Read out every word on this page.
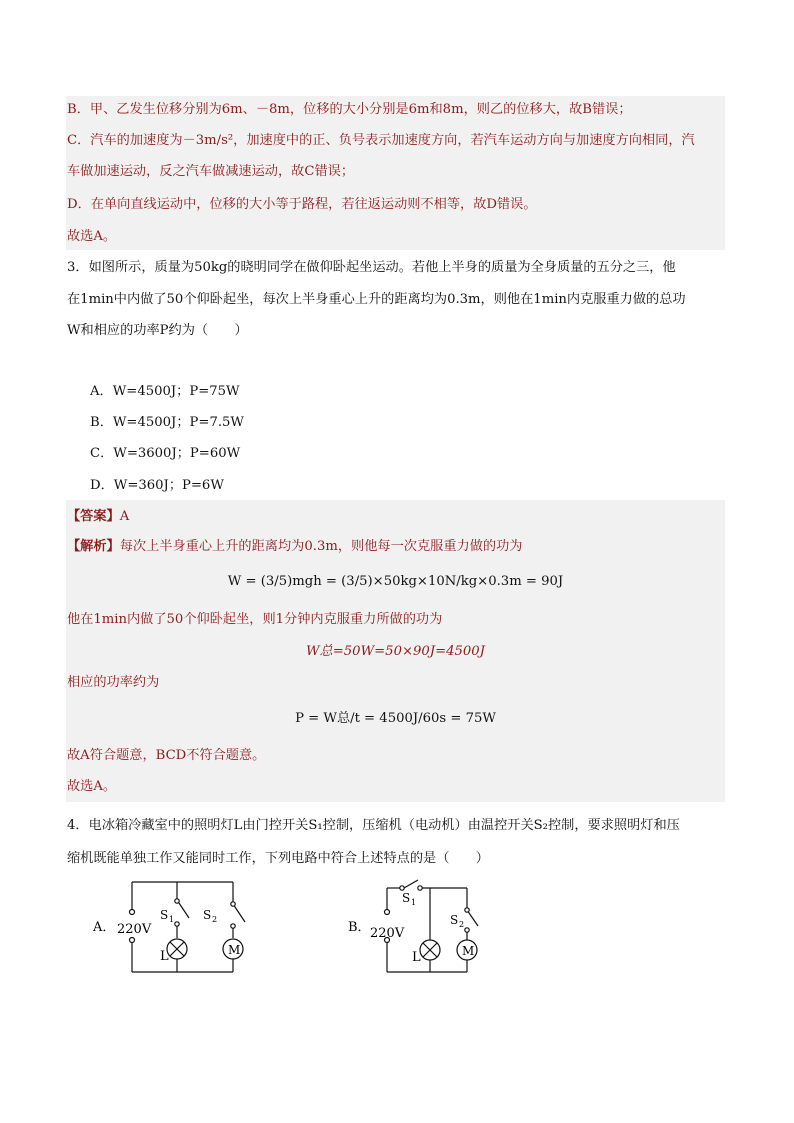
B．甲、乙发生位移分别为6m、－8m，位移的大小分别是6m和8m，则乙的位移大，故B错误；
C．汽车的加速度为－3m/s²，加速度中的正、负号表示加速度方向，若汽车运动方向与加速度方向相同，汽
车做加速运动，反之汽车做减速运动，故C错误；
D．在单向直线运动中，位移的大小等于路程，若往返运动则不相等，故D错误。
故选A。
3．如图所示，质量为50kg的晓明同学在做仰卧起坐运动。若他上半身的质量为全身质量的五分之三，他
在1min中内做了50个仰卧起坐，每次上半身重心上升的距离均为0.3m，则他在1min内克服重力做的总功
W和相应的功率P约为（　　）
A．W=4500J；P=75W
B．W=4500J；P=7.5W
C．W=3600J；P=60W
D．W=360J；P=6W
【答案】A
【解析】每次上半身重心上升的距离均为0.3m，则他每一次克服重力做的功为
W = (3/5)mgh = (3/5)×50kg×10N/kg×0.3m = 90J
他在1min内做了50个仰卧起坐，则1分钟内克服重力所做的功为
W总=50W=50×90J=4500J
相应的功率约为
P = W总/t = 4500J/60s = 75W
故A符合题意，BCD不符合题意。
故选A。
4．电冰箱冷藏室中的照明灯L由门控开关S₁控制，压缩机（电动机）由温控开关S₂控制，要求照明灯和压
缩机既能单独工作又能同时工作，下列电路中符合上述特点的是（　　）
A． 220V
S 1 S 2
L	M
B． 220V
S 1
S 2
L	M
